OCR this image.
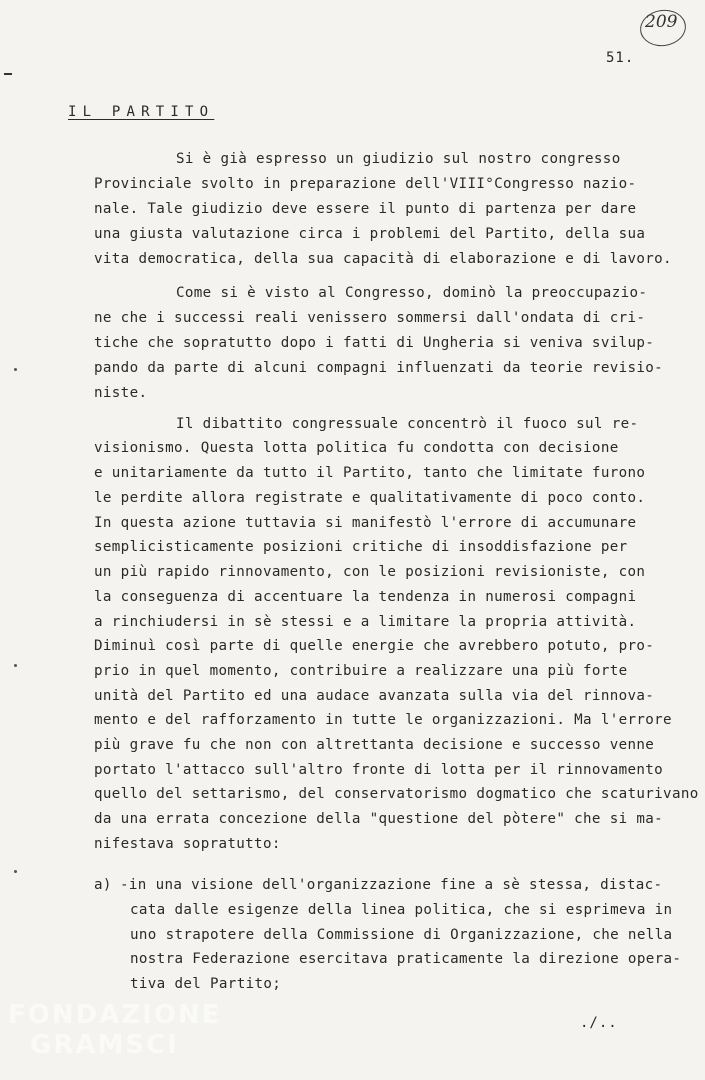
209
51.
IL PARTITO
Si è già espresso un giudizio sul nostro congresso
Provinciale svolto in preparazione dell'VIII°Congresso nazio-
nale. Tale giudizio deve essere il punto di partenza per dare
una giusta valutazione circa i problemi del Partito, della sua
vita democratica, della sua capacità di elaborazione e di lavoro.
Come si è visto al Congresso, dominò la preoccupazio-
ne che i successi reali venissero sommersi dall'ondata di cri-
tiche che sopratutto dopo i fatti di Ungheria si veniva svilup-
pando da parte di alcuni compagni influenzati da teorie revisio-
niste.
Il dibattito congressuale concentrò il fuoco sul re-
visionismo. Questa lotta politica fu condotta con decisione
e unitariamente da tutto il Partito, tanto che limitate furono
le perdite allora registrate e qualitativamente di poco conto.
In questa azione tuttavia si manifestò l'errore di accumunare
semplicisticamente posizioni critiche di insoddisfazione per
un più rapido rinnovamento, con le posizioni revisioniste, con
la conseguenza di accentuare la tendenza in numerosi compagni
a rinchiudersi in sè stessi e a limitare la propria attività.
Diminuì così parte di quelle energie che avrebbero potuto, pro-
prio in quel momento, contribuire a realizzare una più forte
unità del Partito ed una audace avanzata sulla via del rinnova-
mento e del rafforzamento in tutte le organizzazioni. Ma l'errore
più grave fu che non con altrettanta decisione e successo venne
portato l'attacco sull'altro fronte di lotta per il rinnovamento
quello del settarismo, del conservatorismo dogmatico che scaturivano
da una errata concezione della "questione del pòtere" che si ma-
nifestava sopratutto:
a) -in una visione dell'organizzazione fine a sè stessa, distac-
cata dalle esigenze della linea politica, che si esprimeva in
uno strapotere della Commissione di Organizzazione, che nella
nostra Federazione esercitava praticamente la direzione opera-
tiva del Partito;
./..
FONDAZIONE
GRAMSCI
